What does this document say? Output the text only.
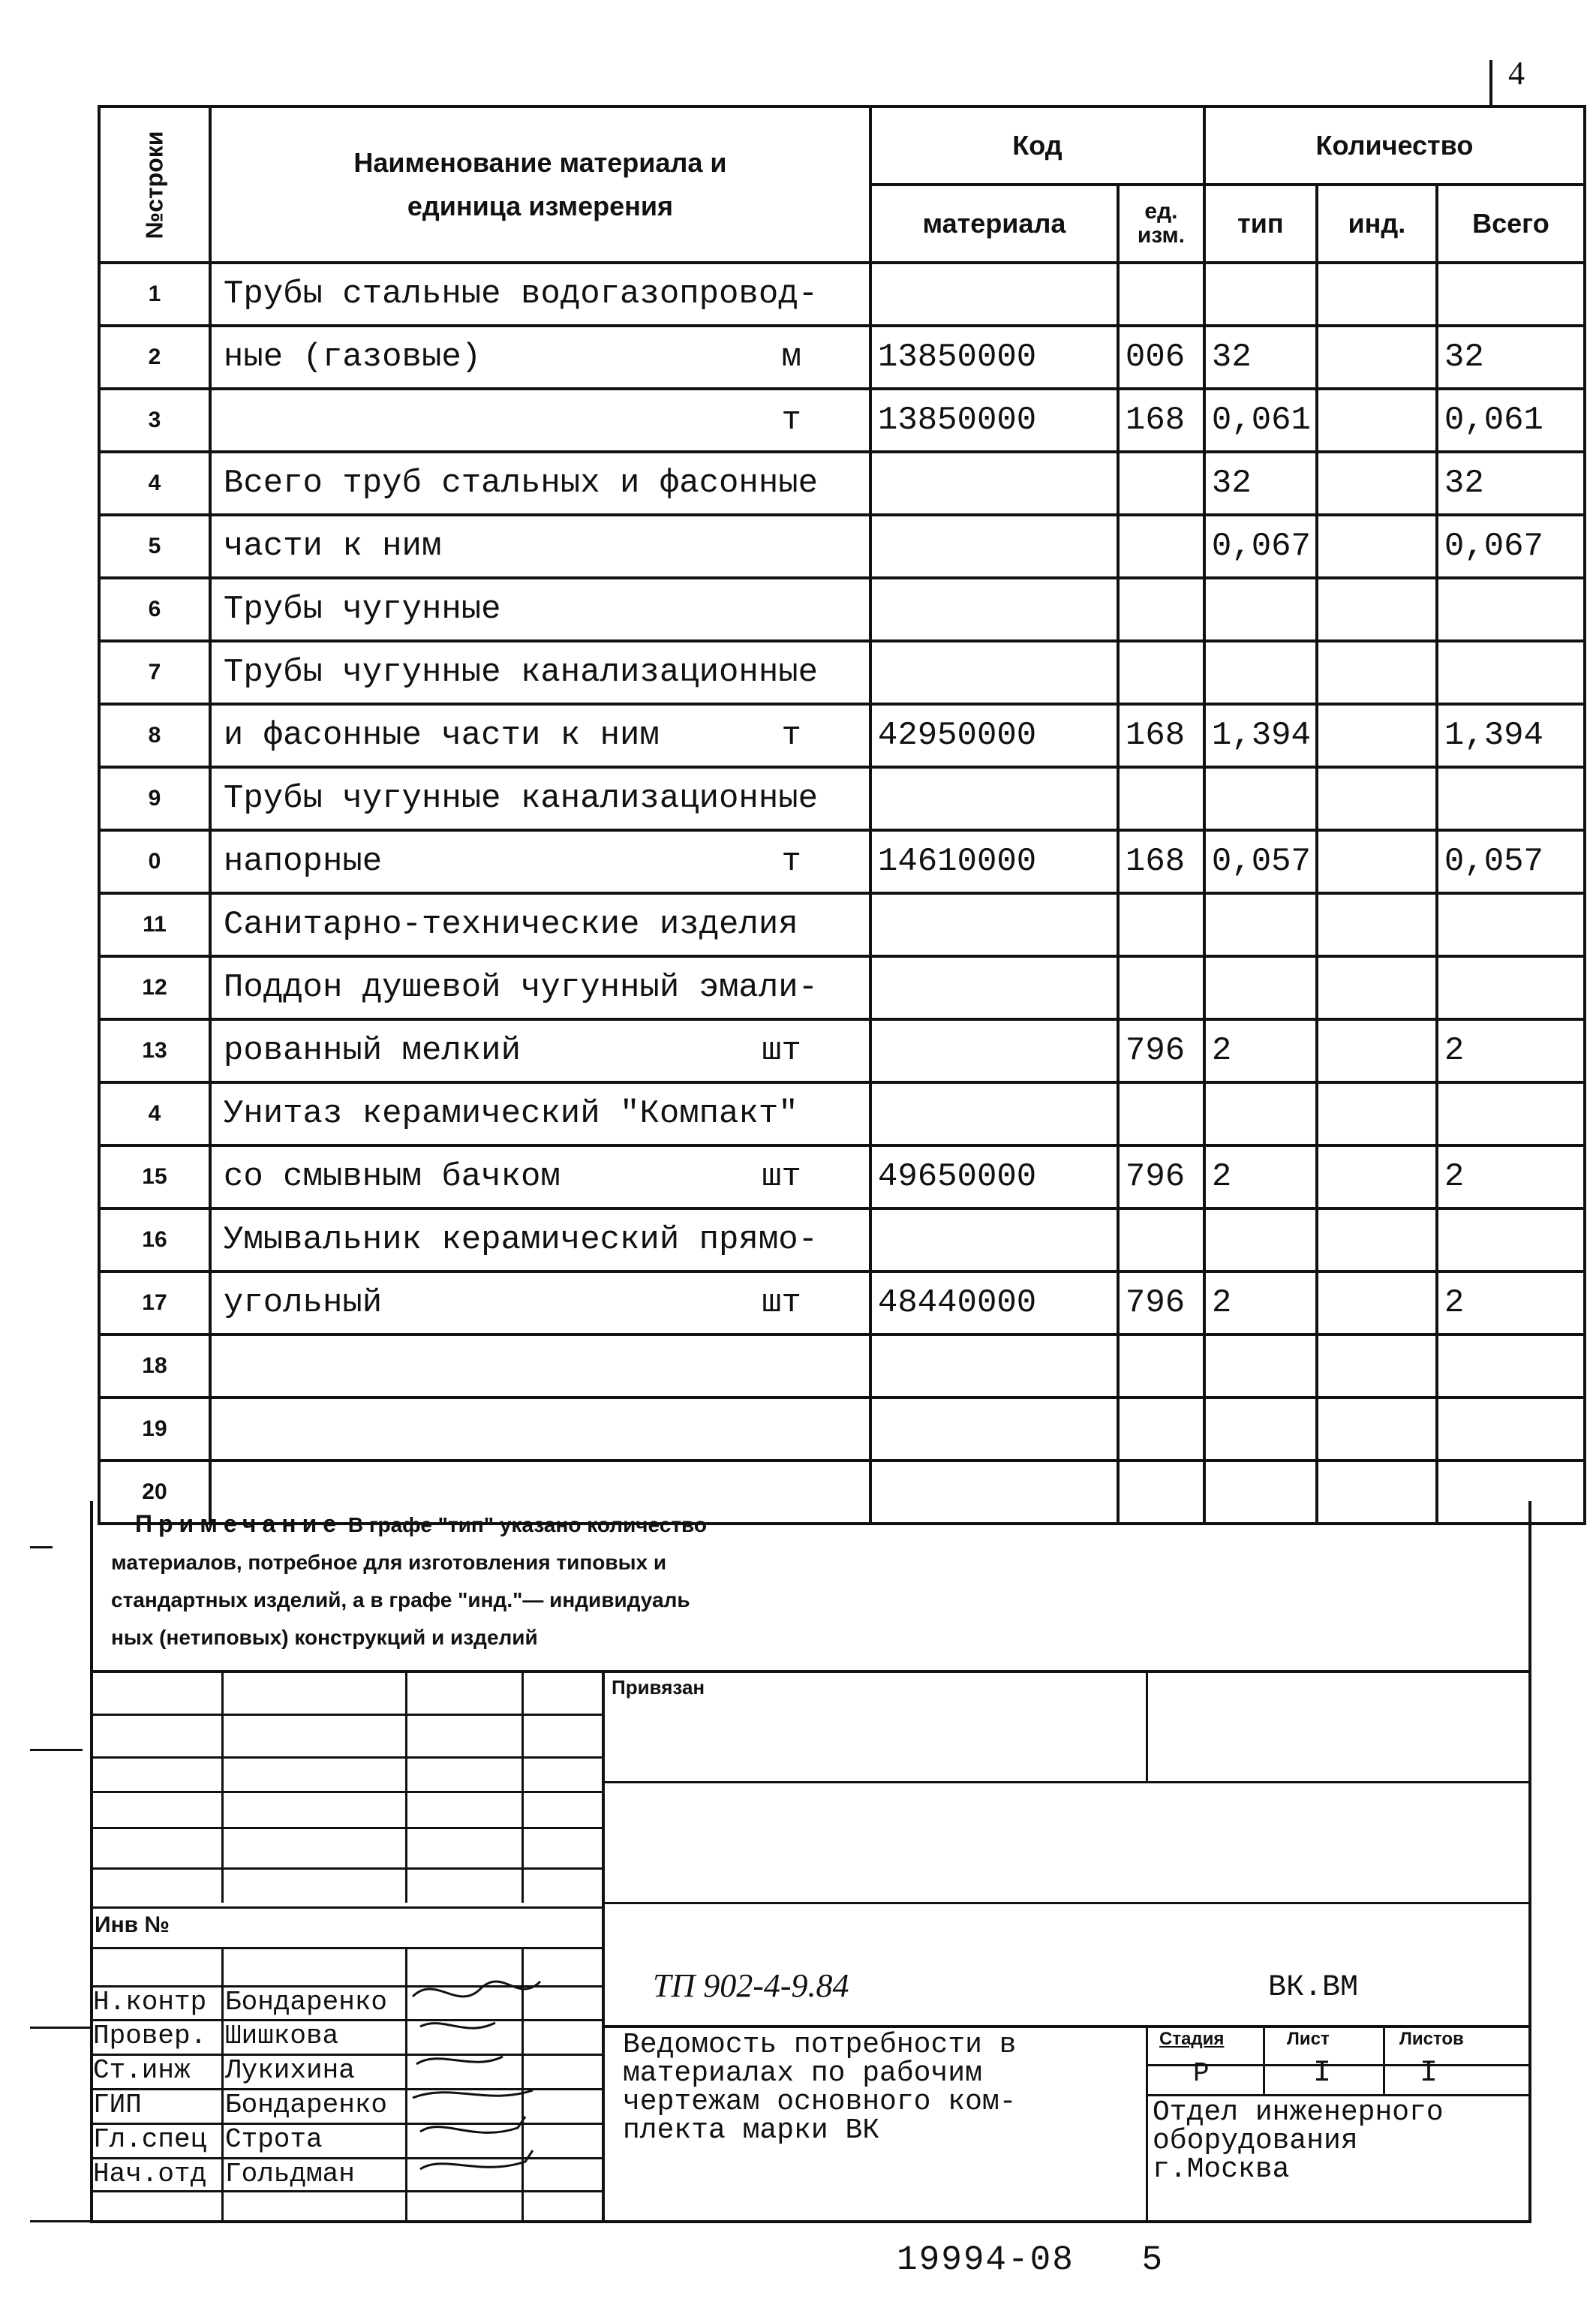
4
№строки	Наименование материала и единица измерения	Код		Количество		
		материала	ед. изм.	тип	инд.	Всего
1	Трубы стальные водогазопровод-					

2	ные (газовые) м	13850000	006	32		32
3	т	13850000	168	0,061		0,061
4	Всего труб стальных и фасонные			32		32
5	части к ним			0,067		0,067
6	Трубы чугунные					

7	Трубы чугунные канализационные					

8	и фасонные части к ним т	42950000	168	1,394		1,394
9	Трубы чугунные канализационные					

0	напорные т	14610000	168	0,057		0,057
11	Санитарно-технические изделия					

12	Поддон душевой чугунный эмали-					

13	рованный мелкий шт		796	2		2
4	Унитаз керамический "Компакт"					

15	со смывным бачком шт	49650000	796	2		2
16	Умывальник керамический прямо-					

17	угольный шт	48440000	796	2		2
18	

19	

20	

Примечание В графе "тип" указано количество
материалов, потребное для изготовления типовых и
стандартных изделий, а в графе "инд."— индивидуаль
ных (нетиповых) конструкций и изделий
Привязан
Инв №
ТП 902-4-9.84	ВК.ВМ
Н.контр Бондаренко
Провер. Шишкова
Ст.инж Лукихина
ГИП	Бондаренко
Гл.спец Строта
Нач.отд Гольдман
Ведомость потребности в
материалах по рабочим
чертежам основного ком-
плекта марки ВК
Стадия	Лист	Листов
Р	I	I
Отдел инженерного
оборудования
г.Москва
19994-08 5
